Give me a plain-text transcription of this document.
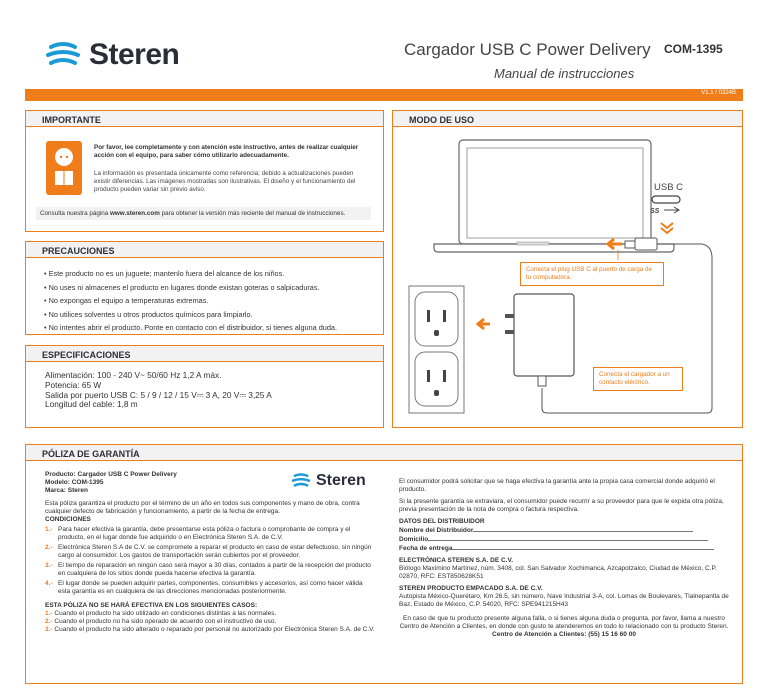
Steren	Cargador USB C Power Delivery COM-1395
Manual de instrucciones
V1.1 / 0324B
IMPORTANTE
Por favor, lee completamente y con atención este instructivo, antes de realizar cualquier acción con el equipo, para saber cómo utilizarlo adecuadamente.
La información es presentada únicamente como referencia; debido a actualizaciones pueden existir diferencias. Las imágenes mostradas son ilustrativas. El diseño y el funcionamiento del producto pueden variar sin previo aviso.
Consulta nuestra página www.steren.com para obtener la versión más reciente del manual de instrucciones.
PRECAUCIONES
• Este producto no es un juguete; mantenlo fuera del alcance de los niños.
• No uses ni almacenes el producto en lugares donde existan goteras o salpicaduras.
• No expongas el equipo a temperaturas extremas.
• No utilices solventes u otros productos químicos para limpiarlo.
• No intentes abrir el producto. Ponte en contacto con el distribuidor, si tienes alguna duda.
ESPECIFICACIONES
Alimentación: 100 - 240 V~ 50/60 Hz 1,2 A máx.
Potencia: 65 W
Salida por puerto USB C: 5 / 9 / 12 / 15 V⎓ 3 A, 20 V⎓ 3,25 A
Longitud del cable: 1,8 m
MODO DE USO
USB C
SS
Conecta el plug USB C al puerto de carga de tu computadora.
Conecta el cargador a un contacto eléctrico.
PÓLIZA DE GARANTÍA
Steren
Producto: Cargador USB C Power Delivery
Modelo: COM-1395
Marca: Steren
Esta póliza garantiza el producto por el término de un año en todos sus componentes y mano de obra, contra cualquier defecto de fabricación y funcionamiento, a partir de la fecha de entrega.
CONDICIONES
1.- Para hacer efectiva la garantía, debe presentarse esta póliza o factura o comprobante de compra y el producto, en el lugar donde fue adquirido o en Electrónica Steren S.A. de C.V.
2.- Electrónica Steren S.A de C.V. se compromete a reparar el producto en caso de estar defectuoso, sin ningún cargo al consumidor. Los gastos de transportación serán cubiertos por el proveedor.
3.- El tiempo de reparación en ningún caso será mayor a 30 días, contados a partir de la recepción del producto en cualquiera de los sitios donde pueda hacerse efectiva la garantía.
4.- El lugar donde se pueden adquirir partes, componentes, consumibles y accesorios, así como hacer válida esta garantía es en cualquiera de las direcciones mencionadas posteriormente.
ESTA PÓLIZA NO SE HARÁ EFECTIVA EN LOS SIGUIENTES CASOS:
1.- Cuando el producto ha sido utilizado en condiciones distintas a las normales.
2.- Cuando el producto no ha sido operado de acuerdo con el instructivo de uso.
3.- Cuando el producto ha sido alterado o reparado por personal no autorizado por Electrónica Steren S.A. de C.V.
El consumidor podrá solicitar que se haga efectiva la garantía ante la propia casa comercial donde adquirió el producto.
Si la presente garantía se extraviara, el consumidor puede recurrir a su proveedor para que le expida otra póliza, previa presentación de la nota de compra o factura respectiva.
DATOS DEL DISTRIBUIDOR
Nombre del Distribuidor
Domicilio
Fecha de entrega
ELECTRÓNICA STEREN S.A. DE C.V.
Biólogo Maximino Martínez, núm. 3408, col. San Salvador Xochimanca, Azcapotzalco, Ciudad de México, C.P. 02870, RFC: EST850628K51
STEREN PRODUCTO EMPACADO S.A. DE C.V.
Autopista México-Querétaro, Km 26.5, sin número, Nave Industrial 3-A, col. Lomas de Boulevares, Tlalnepantla de Baz, Estado de México, C.P. 54020, RFC: SPE941215H43
En caso de que tu producto presente alguna falla, o si tienes alguna duda o pregunta, por favor, llama a nuestro Centro de Atención a Clientes, en donde con gusto te atenderemos en todo lo relacionado con tu producto Steren.
Centro de Atención a Clientes: (55) 15 16 60 00
